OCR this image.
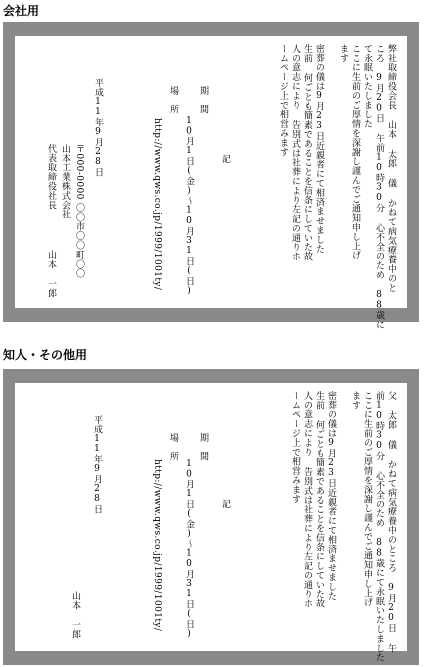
会社用
弊社取締役会長 山本 太郎 儀 かねて病気療養中のと
ころ 9月20日 午前10時30分 心不全のため 88歳に
て永眠いたしました
ここに生前のご厚情を深謝し謹んでご通知申し上げ
ます
密葬の儀は9月23日近親者にて相済ませました
生前 何ごとも簡素であることを信条にしていた故
人の意志により 告別式は社葬により左記の通りホ
ームページ上で相営みます
記
期　間
10月1日(金)～10月31日(日)
場　所
http://www.qws.co.jp/1999/1001ty/
平成11年9月28日
〒000-0000 〇〇市〇〇町〇〇
山本工業株式会社
代表取締役社長
山本 一郎
知人・その他用
父 太郎 儀 かねて病気療養中のところ 9月20日 午
前10時30分 心不全のため 88歳にて永眠いたしました
ここに生前のご厚情を深謝し謹んでご通知申し上げ
ます
密葬の儀は9月23日近親者にて相済ませました
生前 何ごとも簡素であることを信条にしていた故
人の意志により 告別式は社葬により左記の通りホ
ームページ上で相営みます
記
期　間
10月1日(金)～10月31日(日)
場　所
http://www.qws.co.jp/1999/1001ty/
平成11年9月28日
山本 一郎
